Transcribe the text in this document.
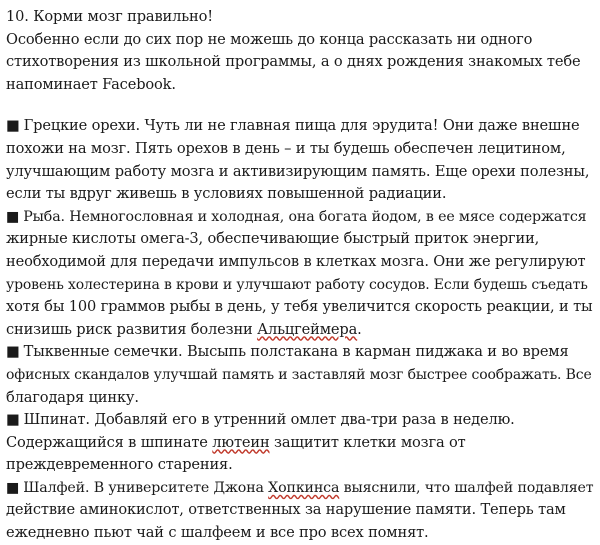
10. Корми мозг правильно!
Особенно если до сих пор не можешь до конца рассказать ни одного
стихотворения из школьной программы, а о днях рождения знакомых тебе
напоминает Facebook.
■ Грецкие орехи. Чуть ли не главная пища для эрудита! Они даже внешне
похожи на мозг. Пять орехов в день – и ты будешь обеспечен лецитином,
улучшающим работу мозга и активизирующим память. Еще орехи полезны,
если ты вдруг живешь в условиях повышенной радиации.
■ Рыба. Немногословная и холодная, она богата йодом, в ее мясе содержатся
жирные кислоты омега-3, обеспечивающие быстрый приток энергии,
необходимой для передачи импульсов в клетках мозга. Они же регулируют
уровень холестерина в крови и улучшают работу сосудов. Если будешь съедать
хотя бы 100 граммов рыбы в день, у тебя увеличится скорость реакции, и ты
снизишь риск развития болезни Альцгеймера.
■ Тыквенные семечки. Высыпь полстакана в карман пиджака и во время
офисных скандалов улучшай память и заставляй мозг быстрее соображать. Все
благодаря цинку.
■ Шпинат. Добавляй его в утренний омлет два-три раза в неделю.
Содержащийся в шпинате лютеин защитит клетки мозга от
преждевременного старения.
■ Шалфей. В университете Джона Хопкинса выяснили, что шалфей подавляет
действие аминокислот, ответственных за нарушение памяти. Теперь там
ежедневно пьют чай с шалфеем и все про всех помнят.
